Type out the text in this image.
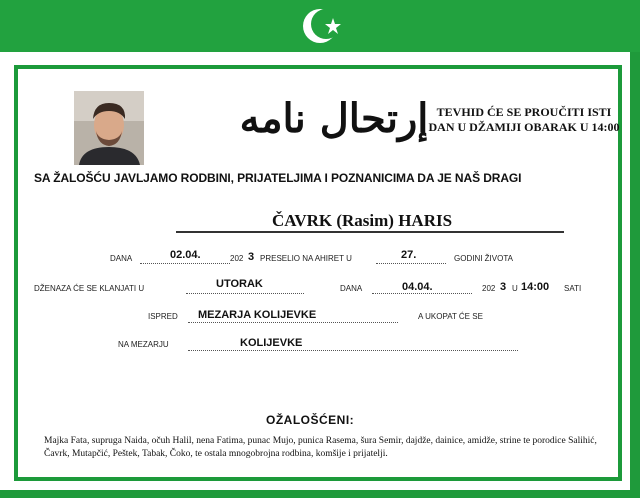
إرتحال نامه TEVHID ĆE SE PROUČITI ISTI
DAN U DŽAMIJI OBARAK U 14:00
SA ŽALOŠĆU JAVLJAMO RODBINI, PRIJATELJIMA I POZNANICIMA DA JE NAŠ DRAGI
ČAVRK (Rasim) HARIS
DANA	02.04.	202 3 PRESELIO NA AHIRET U	27.	GODINI ŽIVOTA
DŽENAZA ĆE SE KLANJATI U	UTORAK	DANA	04.04.	202 3 U 14:00 SATI
ISPRED MEZARJA KOLIJEVKE	A UKOPAT ĆE SE
NA MEZARJU	KOLIJEVKE
OŽALOŠĆENI:
Majka Fata, supruga Naida, očuh Halil, nena Fatima, punac Mujo, punica Rasema, šura Semir, dajdže, dainice, amidže, strine te porodice Salihić, Čavrk, Mutapčić, Peštek, Tabak, Čoko, te ostala mnogobrojna rodbina, komšije i prijatelji.
